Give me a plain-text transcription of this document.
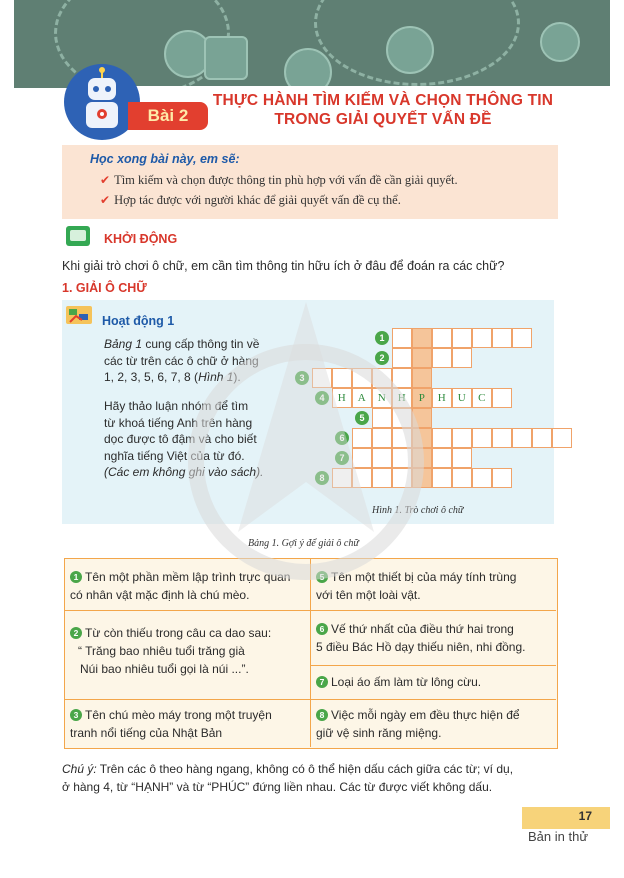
Bài 2
THỰC HÀNH TÌM KIẾM VÀ CHỌN THÔNG TIN
TRONG GIẢI QUYẾT VẤN ĐỀ
Học xong bài này, em sẽ:
✔ Tìm kiếm và chọn được thông tin phù hợp với vấn đề cần giải quyết.
✔ Hợp tác được với người khác để giải quyết vấn đề cụ thể.
KHỞI ĐỘNG
Khi giải trò chơi ô chữ, em cần tìm thông tin hữu ích ở đâu để đoán ra các chữ?
1. GIẢI Ô CHỮ
Hoạt động 1
Bảng 1 cung cấp thông tin về
các từ trên các ô chữ ở hàng
1, 2, 3, 5, 6, 7, 8 (Hình 1).
Hãy thảo luận nhóm để tìm
từ khoá tiếng Anh trên hàng
dọc được tô đậm và cho biết
nghĩa tiếng Việt của từ đó.
(Các em không ghi vào sách).
1
2
3
4	H	A	N	H	P	H	U	C
5
6
7
8
Hình 1. Trò chơi ô chữ
Bảng 1. Gợi ý để giải ô chữ
1 Tên một phần mềm lập trình trực quan
có nhân vật mặc định là chú mèo.
5 Tên một thiết bị của máy tính trùng
với tên một loài vật.
2 Từ còn thiếu trong câu ca dao sau:
“ Trăng bao nhiêu tuổi trăng già
Núi bao nhiêu tuổi gọi là núi ...”.
6 Vế thứ nhất của điều thứ hai trong
5 điều Bác Hồ dạy thiếu niên, nhi đồng.
7 Loại áo ấm làm từ lông cừu.
3 Tên chú mèo máy trong một truyện
tranh nổi tiếng của Nhật Bản
8 Việc mỗi ngày em đều thực hiện để
giữ vệ sinh răng miệng.
Chú ý: Trên các ô theo hàng ngang, không có ô thể hiện dấu cách giữa các từ; ví dụ,
ở hàng 4, từ “HẠNH” và từ “PHÚC” đứng liền nhau. Các từ được viết không dấu.
17
Bản in thử
